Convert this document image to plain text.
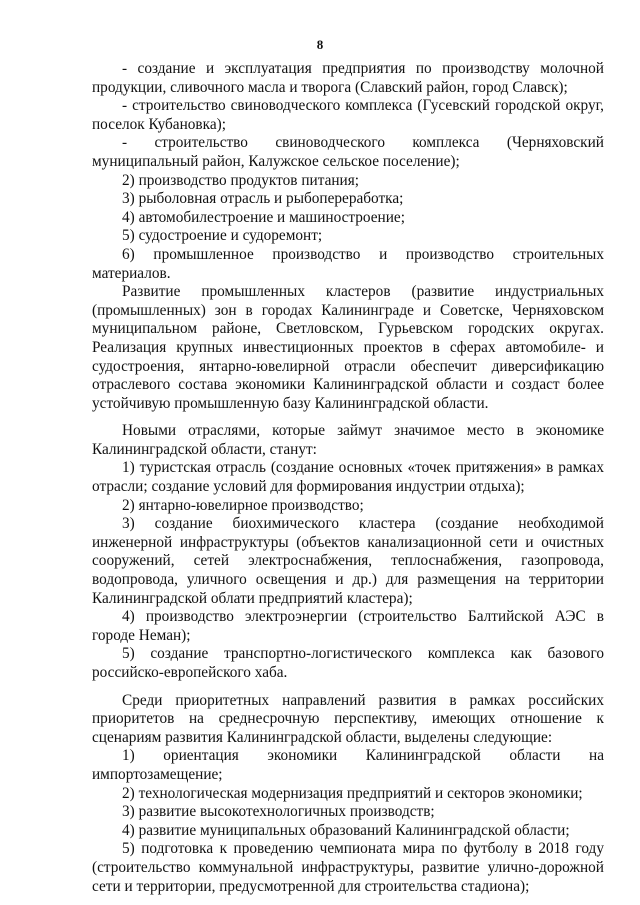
8

- создание и эксплуатация предприятия по производству молочной продукции, сливочного масла и творога (Славский район, город Славск);

- строительство свиноводческого комплекса (Гусевский городской округ, поселок Кубановка);

- строительство свиноводческого комплекса (Черняховский муниципальный район, Калужское сельское поселение);

2) производство продуктов питания;

3) рыболовная отрасль и рыбопереработка;

4) автомобилестроение и машиностроение;

5) судостроение и судоремонт;

6) промышленное производство и производство строительных материалов.

Развитие промышленных кластеров (развитие индустриальных (промышленных) зон в городах Калининграде и Советске, Черняховском муниципальном районе, Светловском, Гурьевском городских округах. Реализация крупных инвестиционных проектов в сферах автомобиле- и судостроения, янтарно-ювелирной отрасли обеспечит диверсификацию отраслевого состава экономики Калининградской области и создаст более устойчивую промышленную базу Калининградской области.

Новыми отраслями, которые займут значимое место в экономике Калининградской области, станут:

1) туристская отрасль (создание основных «точек притяжения» в рамках отрасли; создание условий для формирования индустрии отдыха);

2) янтарно-ювелирное производство;

3) создание биохимического кластера (создание необходимой инженерной инфраструктуры (объектов канализационной сети и очистных сооружений, сетей электроснабжения, теплоснабжения, газопровода, водопровода, уличного освещения и др.) для размещения на территории Калининградской облати предприятий кластера);

4) производство электроэнергии (строительство Балтийской АЭС в городе Неман);

5) создание транспортно-логистического комплекса как базового российско-европейского хаба.

Среди приоритетных направлений развития в рамках российских приоритетов на среднесрочную перспективу, имеющих отношение к сценариям развития Калининградской области, выделены следующие:

1) ориентация экономики Калининградской области на импортозамещение;

2) технологическая модернизация предприятий и секторов экономики;

3) развитие высокотехнологичных производств;

4) развитие муниципальных образований Калининградской области;

5) подготовка к проведению чемпионата мира по футболу в 2018 году (строительство коммунальной инфраструктуры, развитие улично-дорожной сети и территории, предусмотренной для строительства стадиона);
